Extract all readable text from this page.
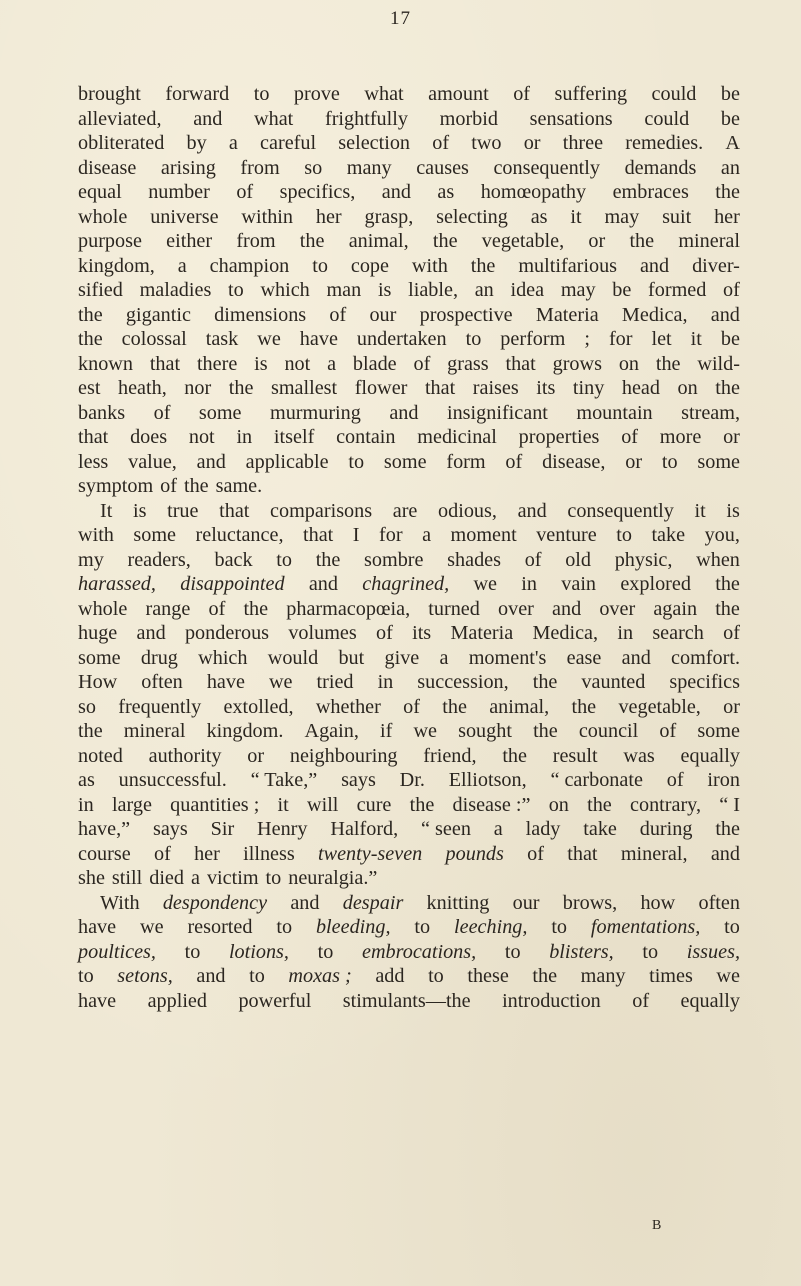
17
brought forward to prove what amount of suffering could be
alleviated, and what frightfully morbid sensations could be
obliterated by a careful selection of two or three remedies. A
disease arising from so many causes consequently demands an
equal number of specifics, and as homœopathy embraces the
whole universe within her grasp, selecting as it may suit her
purpose either from the animal, the vegetable, or the mineral
kingdom, a champion to cope with the multifarious and diver-
sified maladies to which man is liable, an idea may be formed of
the gigantic dimensions of our prospective Materia Medica, and
the colossal task we have undertaken to perform ; for let it be
known that there is not a blade of grass that grows on the wild-
est heath, nor the smallest flower that raises its tiny head on the
banks of some murmuring and insignificant mountain stream,
that does not in itself contain medicinal properties of more or
less value, and applicable to some form of disease, or to some
symptom of the same.
It is true that comparisons are odious, and consequently it is
with some reluctance, that I for a moment venture to take you,
my readers, back to the sombre shades of old physic, when
harassed, disappointed and chagrined, we in vain explored the
whole range of the pharmacopœia, turned over and over again the
huge and ponderous volumes of its Materia Medica, in search of
some drug which would but give a moment's ease and comfort.
How often have we tried in succession, the vaunted specifics
so frequently extolled, whether of the animal, the vegetable, or
the mineral kingdom. Again, if we sought the council of some
noted authority or neighbouring friend, the result was equally
as unsuccessful. “ Take,” says Dr. Elliotson, “ carbonate of iron
in large quantities ; it will cure the disease :” on the contrary, “ I
have,” says Sir Henry Halford, “ seen a lady take during the
course of her illness twenty-seven pounds of that mineral, and
she still died a victim to neuralgia.”
With despondency and despair knitting our brows, how often
have we resorted to bleeding, to leeching, to fomentations, to
poultices, to lotions, to embrocations, to blisters, to issues,
to setons, and to moxas ; add to these the many times we
have applied powerful stimulants—the introduction of equally
B
